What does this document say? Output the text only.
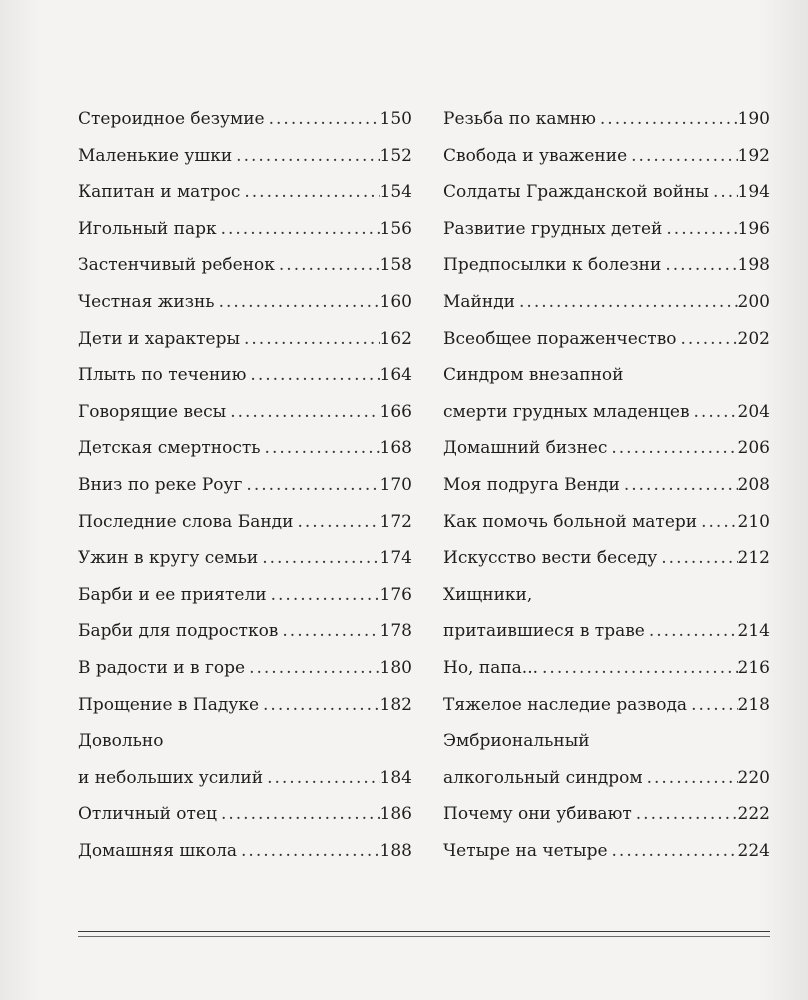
Стероидное безумие .....	150
Маленькие ушки .....	152
Капитан и матрос .....	154
Игольный парк .....	156
Застенчивый ребенок .....	158
Честная жизнь .....	160
Дети и характеры .....	162
Плыть по течению .....	164
Говорящие весы .....	166
Детская смертность .....	168
Вниз по реке Роуг .....	170
Последние слова Банди .....	172
Ужин в кругу семьи .....	174
Барби и ее приятели .....	176
Барби для подростков .....	178
В радости и в горе .....	180
Прощение в Падуке .....	182
Довольно
и небольших усилий .....	184
Отличный отец .....	186
Домашняя школа .....	188
Резьба по камню .....	190
Свобода и уважение .....	192
Солдаты Гражданской войны ..... 194
Развитие грудных детей .....	196
Предпосылки к болезни .....	198
Майнди .....	200
Всеобщее пораженчество .....	202
Синдром внезапной
смерти грудных младенцев .....	204
Домашний бизнес .....	206
Моя подруга Венди .....	208
Как помочь больной матери ..... 210
Искусство вести беседу .....	212
Хищники,
притаившиеся в траве .....	214
Но, папа... .....	216
Тяжелое наследие развода .....	218
Эмбриональный
алкогольный синдром .....	220
Почему они убивают .....	222
Четыре на четыре .....	224
